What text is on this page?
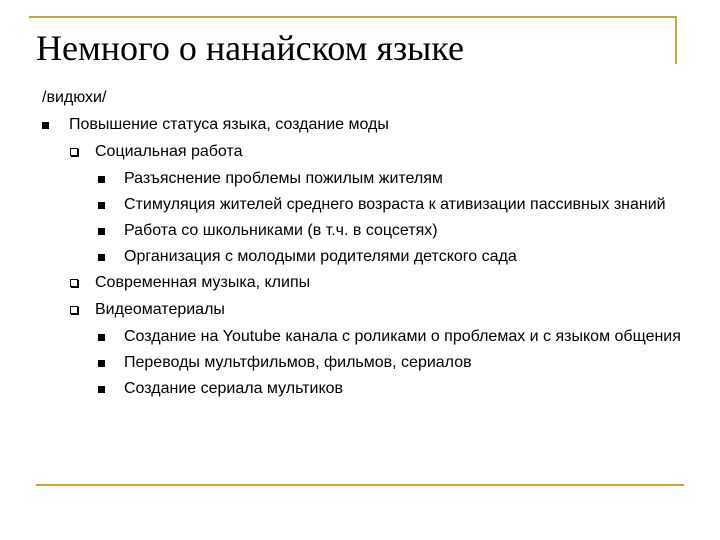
Немного о нанайском языке
/видюхи/
Повышение статуса языка, создание моды
Социальная работа
Разъяснение проблемы пожилым жителям
Стимуляция жителей среднего возраста к ативизации пассивных знаний
Работа со школьниками (в т.ч. в соцсетях)
Организация с молодыми родителями детского сада
Современная музыка, клипы
Видеоматериалы
Создание на Youtube канала с роликами о проблемах и с языком общения
Переводы мультфильмов, фильмов, сериалов
Создание сериала мультиков
